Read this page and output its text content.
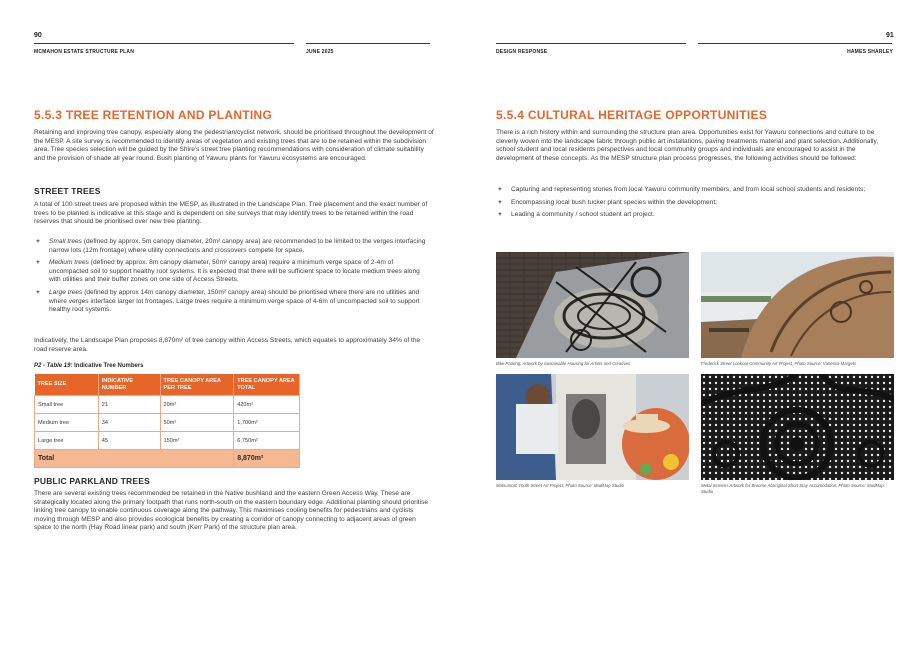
90
MCMAHON ESTATE STRUCTURE PLAN	JUNE 2025
5.5.3 TREE RETENTION AND PLANTING

Retaining and improving tree canopy, especially along the pedestrian/cyclist network, should be prioritised throughout the development of the MESP. A site survey is recommended to identify areas of vegetation and existing trees that are to be retained within the subdivision area. Tree species selection will be guided by the Shire's street tree planting recommendations with consideration of climate suitability and the provision of shade all year round. Bush planting of Yawuru plants for Yawuru ecosystems are encouraged.

STREET TREES

A total of 100 street trees are proposed within the MESP, as illustrated in the Landscape Plan. Tree placement and the exact number of trees to be planted is indicative at this stage and is dependent on site surveys that may identify trees to be retained within the road reserves that should be prioritised over new tree planting.

+ Small trees (defined by approx. 5m canopy diameter, 20m² canopy area) are recommended to be limited to the verges interfacing narrow lots (12m frontage) where utility connections and crossovers compete for space.
+ Medium trees (defined by approx. 8m canopy diameter, 50m² canopy area) require a minimum verge space of 2-4m of uncompacted soil to support healthy root systems. It is expected that there will be sufficient space to locate medium trees along with utilities and their buffer zones on one side of Access Streets.
+ Large trees (defined by approx 14m canopy diameter, 150m² canopy area) should be prioritised where there are no utilities and where verges interface larger lot frontages. Large trees require a minimum verge space of 4-6m of uncompacted soil to support healthy root systems.

Indicatively, the Landscape Plan proposes 8,870m² of tree canopy within Access Streets, which equates to approximately 34% of the road reserve area.

P2 - Table 19: Indicative Tree Numbers
TREE SIZE	INDICATIVE NUMBER	TREE CANOPY AREA PER TREE	TREE CANOPY AREA TOTAL
Small tree	21	20m²	420m²
Medium tree	34	50m²	1,700m²
Large tree	45	150m²	6,750m²
Total			8,870m²
PUBLIC PARKLAND TREES

There are several existing trees recommended be retained in the Native bushland and the eastern Green Access Way. These are strategically located along the primary footpath that runs north-south on the eastern boundary edge. Additional planting should prioritise linking tree canopy to enable continuous coverage along the pathway. This maximises cooling benefits for pedestrians and cyclists moving through MESP and also provides ecological benefits by creating a corridor of canopy connecting to adjacent areas of green space to the north (Hay Road linear park) and south (Kerr Park) of the structure plan area.

91
DESIGN RESPONSE	HAMES SHARLEY
5.5.4 CULTURAL HERITAGE OPPORTUNITIES

There is a rich history within and surrounding the structure plan area. Opportunities exist for Yawuru connections and culture to be cleverly woven into the landscape fabric through public art installations, paving treatments material and plant selection. Additionally, school student and local residents perspectives and local community groups and individuals are encouraged to assist in the development of these concepts. As the MESP structure plan process progresses, the following activities should be followed:

+ Capturing and representing stories from local Yawuru community members, and from local school students and residents;
+ Encompassing local bush tucker plant species within the development;
+ Leading a community / school student art project.
Bike Parking, Artwork by Sustainable Housing for Artists and Creatives	Frederick Street Lookout Community Art Project, Photo Source: Vanessa Margets
Matsumoto Youth Street Art Project, Photo Source: MudMap Studio	Metal Screens Artwork for Broome Aboriginal Short Stay Accomodation, Photo Source: MudMap Studio
